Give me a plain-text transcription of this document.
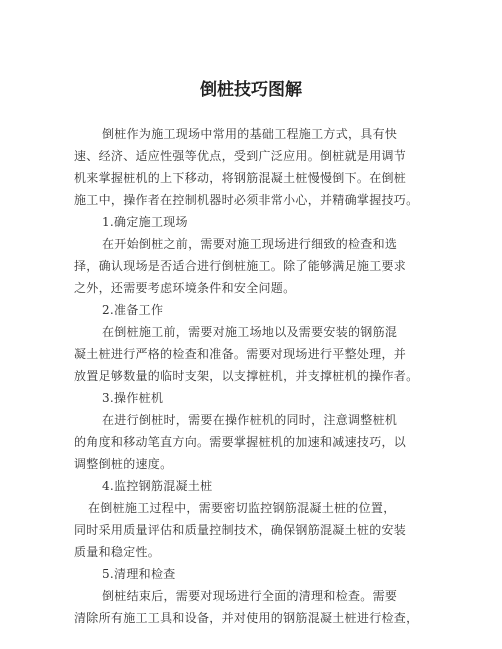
倒桩技巧图解
倒桩作为施工现场中常用的基础工程施工方式，具有快
速、经济、适应性强等优点，受到广泛应用。倒桩就是用调节
机来掌握桩机的上下移动，将钢筋混凝土桩慢慢倒下。在倒桩
施工中，操作者在控制机器时必须非常小心，并精确掌握技巧。
1.确定施工现场
在开始倒桩之前，需要对施工现场进行细致的检查和选
择，确认现场是否适合进行倒桩施工。除了能够满足施工要求
之外，还需要考虑环境条件和安全问题。
2.准备工作
在倒桩施工前，需要对施工场地以及需要安装的钢筋混
凝土桩进行严格的检查和准备。需要对现场进行平整处理，并
放置足够数量的临时支架，以支撑桩机，并支撑桩机的操作者。
3.操作桩机
在进行倒桩时，需要在操作桩机的同时，注意调整桩机
的角度和移动笔直方向。需要掌握桩机的加速和减速技巧，以
调整倒桩的速度。
4.监控钢筋混凝土桩
在倒桩施工过程中，需要密切监控钢筋混凝土桩的位置，
同时采用质量评估和质量控制技术，确保钢筋混凝土桩的安装
质量和稳定性。
5.清理和检查
倒桩结束后，需要对现场进行全面的清理和检查。需要
清除所有施工工具和设备，并对使用的钢筋混凝土桩进行检查，
